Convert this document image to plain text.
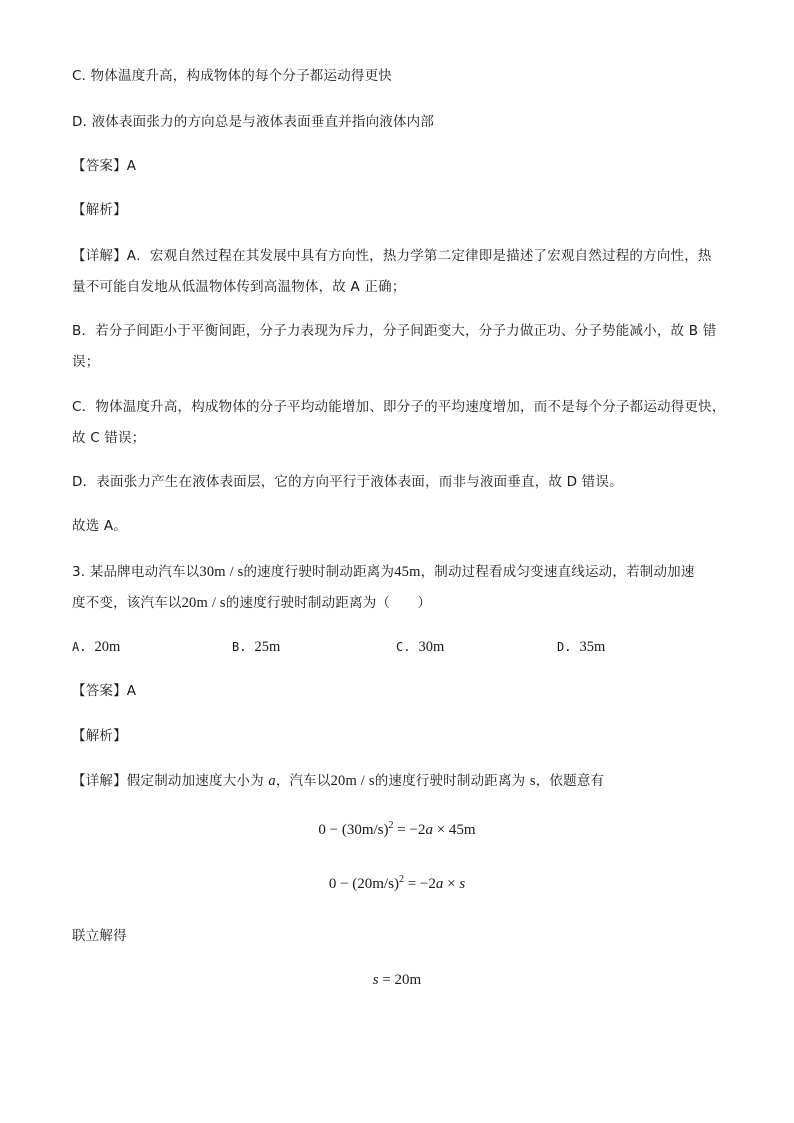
C. 物体温度升高，构成物体的每个分子都运动得更快
D. 液体表面张力的方向总是与液体表面垂直并指向液体内部
【答案】A
【解析】
【详解】A．宏观自然过程在其发展中具有方向性，热力学第二定律即是描述了宏观自然过程的方向性，热
量不可能自发地从低温物体传到高温物体，故 A 正确；
B．若分子间距小于平衡间距，分子力表现为斥力，分子间距变大，分子力做正功、分子势能减小，故 B 错
误；
C．物体温度升高，构成物体的分子平均动能增加、即分子的平均速度增加，而不是每个分子都运动得更快，
故 C 错误；
D．表面张力产生在液体表面层，它的方向平行于液体表面，而非与液面垂直，故 D 错误。
故选 A。
3. 某品牌电动汽车以30m / s的速度行驶时制动距离为45m，制动过程看成匀变速直线运动，若制动加速
度不变，该汽车以20m / s的速度行驶时制动距离为（　　）
A. 20m	B. 25m	C. 30m	D. 35m
【答案】A
【解析】
【详解】假定制动加速度大小为 a，汽车以20m / s的速度行驶时制动距离为 s，依题意有
$0 - (30m/s)^2 = -2a \times 45m$
$0 - (20m/s)^2 = -2a \times s$
联立解得
s = 20m
